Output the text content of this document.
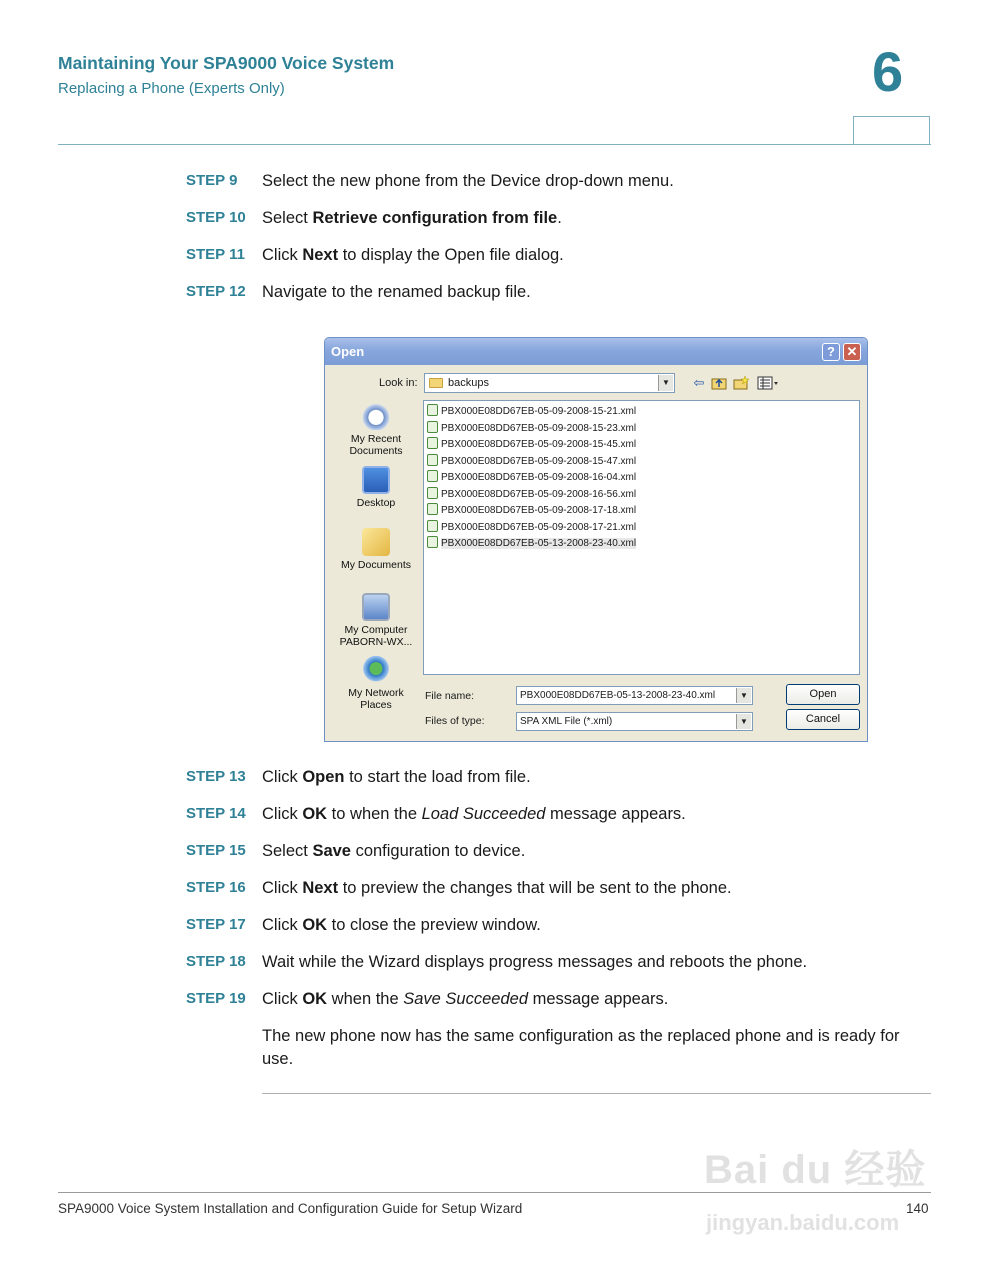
Maintaining Your SPA9000 Voice System
Replacing a Phone (Experts Only)	6
STEP 9 Select the new phone from the Device drop-down menu.
STEP 10 Select Retrieve configuration from file.
STEP 11 Click Next to display the Open file dialog.
STEP 12 Navigate to the renamed backup file.
Open	? ✕
Look in:	backups	▼ ⇦
My Recent Documents
Desktop
My Documents
My Computer PABORN-WX...
My Network Places
PBX000E08DD67EB-05-09-2008-15-21.xml
PBX000E08DD67EB-05-09-2008-15-23.xml
PBX000E08DD67EB-05-09-2008-15-45.xml
PBX000E08DD67EB-05-09-2008-15-47.xml
PBX000E08DD67EB-05-09-2008-16-04.xml
PBX000E08DD67EB-05-09-2008-16-56.xml
PBX000E08DD67EB-05-09-2008-17-18.xml
PBX000E08DD67EB-05-09-2008-17-21.xml
PBX000E08DD67EB-05-13-2008-23-40.xml
File name:	PBX000E08DD67EB-05-13-2008-23-40.xml	▼
Files of type:	SPA XML File (*.xml)	▼
Open
Cancel
STEP 13 Click Open to start the load from file.
STEP 14 Click OK to when the Load Succeeded message appears.
STEP 15 Select Save configuration to device.
STEP 16 Click Next to preview the changes that will be sent to the phone.
STEP 17 Click OK to close the preview window.
STEP 18 Wait while the Wizard displays progress messages and reboots the phone.
STEP 19 Click OK when the Save Succeeded message appears.
The new phone now has the same configuration as the replaced phone and is ready for use.
SPA9000 Voice System Installation and Configuration Guide for Setup Wizard	140
Bai du 经验
jingyan.baidu.com
